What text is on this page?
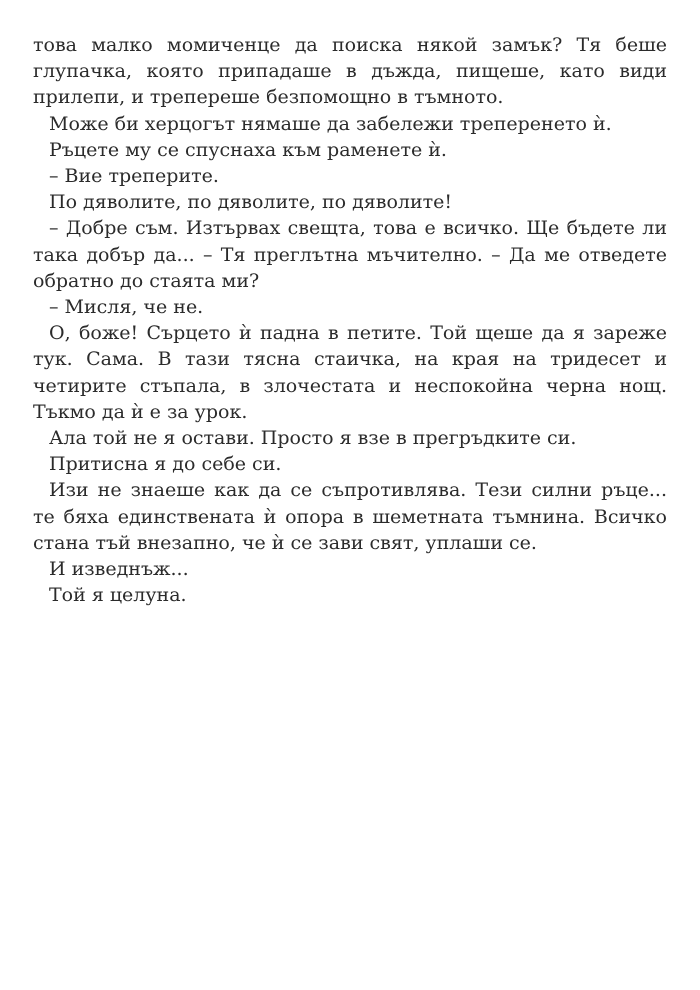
това малко момиченце да поиска някой замък? Тя беше глупачка, която припадаше в дъжда, пищеше, като види прилепи, и трепереше безпомощно в тъмното.

Може би херцогът нямаше да забележи треперенето ѝ.

Ръцете му се спуснаха към раменете ѝ.

– Вие треперите.

По дяволите, по дяволите, по дяволите!

– Добре съм. Изтървах свещта, това е всичко. Ще бъдете ли така добър да... – Тя преглътна мъчително. – Да ме отведете обратно до стаята ми?

– Мисля, че не.

О, боже! Сърцето ѝ падна в петите. Той щеше да я зареже тук. Сама. В тази тясна стаичка, на края на тридесет и четирите стъпала, в злочестата и неспокойна черна нощ. Тъкмо да ѝ е за урок.

Ала той не я остави. Просто я взе в прегръдките си.

Притисна я до себе си.

Изи не знаеше как да се съпротивлява. Тези силни ръце... те бяха единствената ѝ опора в шеметната тъмнина. Всичко стана тъй внезапно, че ѝ се зави свят, уплаши се.

И изведнъж...

Той я целуна.
